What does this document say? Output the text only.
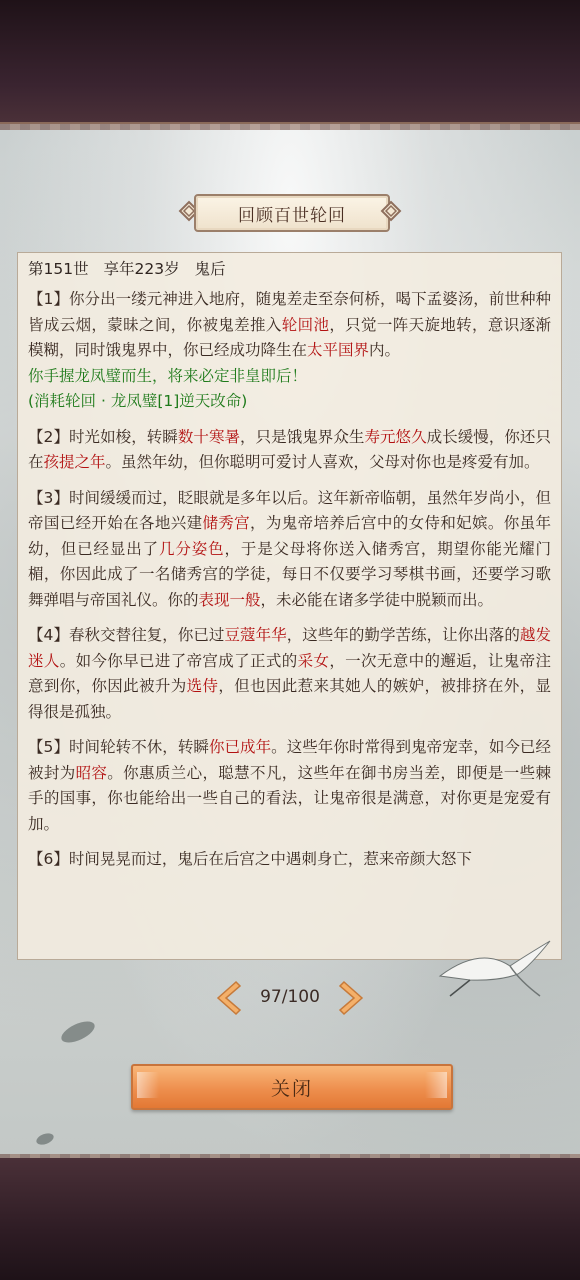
回顾百世轮回
第151世 享年223岁 鬼后

【1】你分出一缕元神进入地府，随鬼差走至奈何桥，喝下孟婆汤，前世种种皆成云烟，蒙昧之间，你被鬼差推入轮回池，只觉一阵天旋地转，意识逐渐模糊，同时饿鬼界中，你已经成功降生在太平国界内。
你手握龙凤璧而生，将来必定非皇即后！
(消耗轮回 · 龙凤璧[1]逆天改命)

【2】时光如梭，转瞬数十寒暑，只是饿鬼界众生寿元悠久成长缓慢，你还只在孩提之年。虽然年幼，但你聪明可爱讨人喜欢，父母对你也是疼爱有加。

【3】时间缓缓而过，眨眼就是多年以后。这年新帝临朝，虽然年岁尚小，但帝国已经开始在各地兴建储秀宫，为鬼帝培养后宫中的女侍和妃嫔。你虽年幼，但已经显出了几分姿色，于是父母将你送入储秀宫，期望你能光耀门楣，你因此成了一名储秀宫的学徒，每日不仅要学习琴棋书画，还要学习歌舞弹唱与帝国礼仪。你的表现一般，未必能在诸多学徒中脱颖而出。

【4】春秋交替往复，你已过豆蔻年华，这些年的勤学苦练，让你出落的越发迷人。如今你早已进了帝宫成了正式的采女，一次无意中的邂逅，让鬼帝注意到你，你因此被升为选侍，但也因此惹来其她人的嫉妒，被排挤在外，显得很是孤独。

【5】时间轮转不休，转瞬你已成年。这些年你时常得到鬼帝宠幸，如今已经被封为昭容。你惠质兰心，聪慧不凡，这些年在御书房当差，即便是一些棘手的国事，你也能给出一些自己的看法，让鬼帝很是满意，对你更是宠爱有加。

【6】时间晃晃而过，鬼后在后宫之中遇刺身亡，惹来帝颜大怒下

97/100
关闭
